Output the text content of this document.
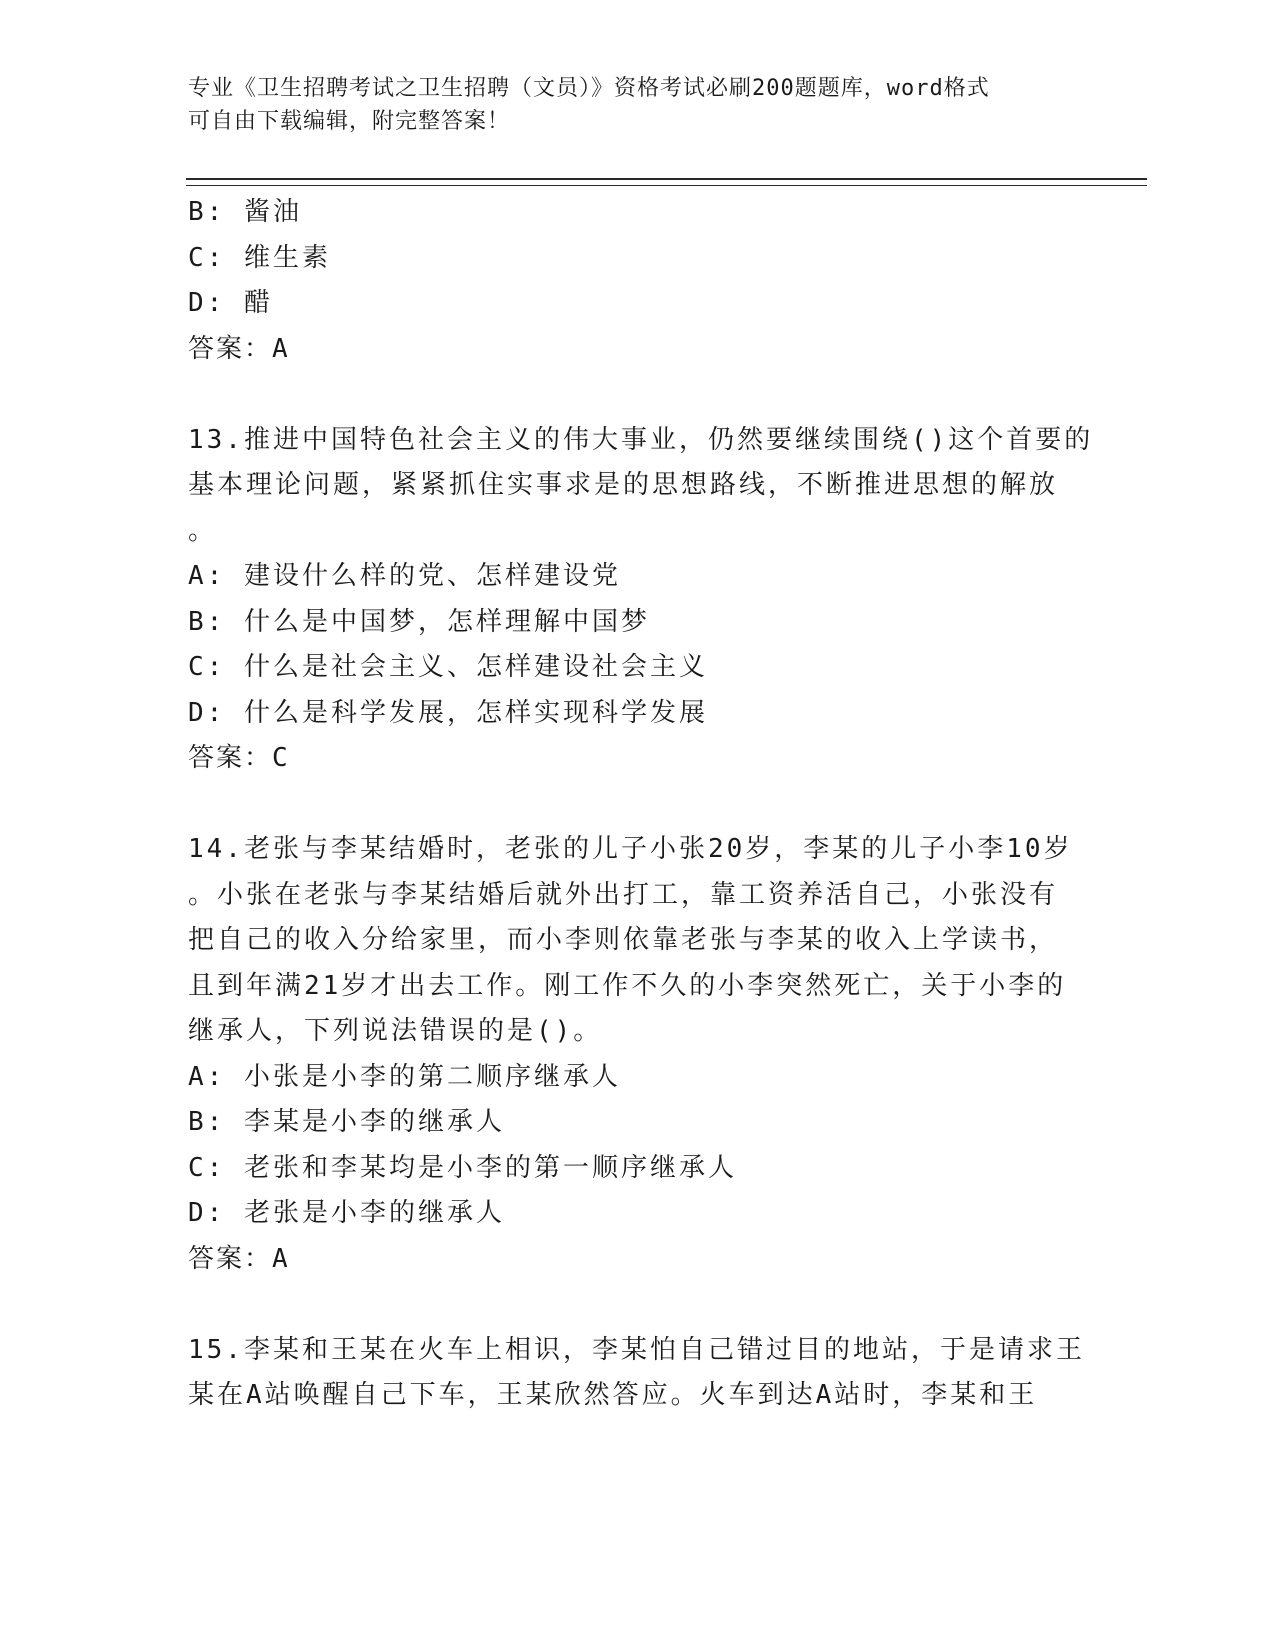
专业《卫生招聘考试之卫生招聘（文员）》资格考试必刷200题题库，word格式
可自由下载编辑，附完整答案！
B: 酱油
C: 维生素
D: 醋
答案：A
13.推进中国特色社会主义的伟大事业，仍然要继续围绕()这个首要的
基本理论问题，紧紧抓住实事求是的思想路线，不断推进思想的解放
。
A: 建设什么样的党、怎样建设党
B: 什么是中国梦，怎样理解中国梦
C: 什么是社会主义、怎样建设社会主义
D: 什么是科学发展，怎样实现科学发展
答案：C
14.老张与李某结婚时，老张的儿子小张20岁，李某的儿子小李10岁
。小张在老张与李某结婚后就外出打工，靠工资养活自己，小张没有
把自己的收入分给家里，而小李则依靠老张与李某的收入上学读书，
且到年满21岁才出去工作。刚工作不久的小李突然死亡，关于小李的
继承人，下列说法错误的是()。
A: 小张是小李的第二顺序继承人
B: 李某是小李的继承人
C: 老张和李某均是小李的第一顺序继承人
D: 老张是小李的继承人
答案：A
15.李某和王某在火车上相识，李某怕自己错过目的地站，于是请求王
某在A站唤醒自己下车，王某欣然答应。火车到达A站时，李某和王
